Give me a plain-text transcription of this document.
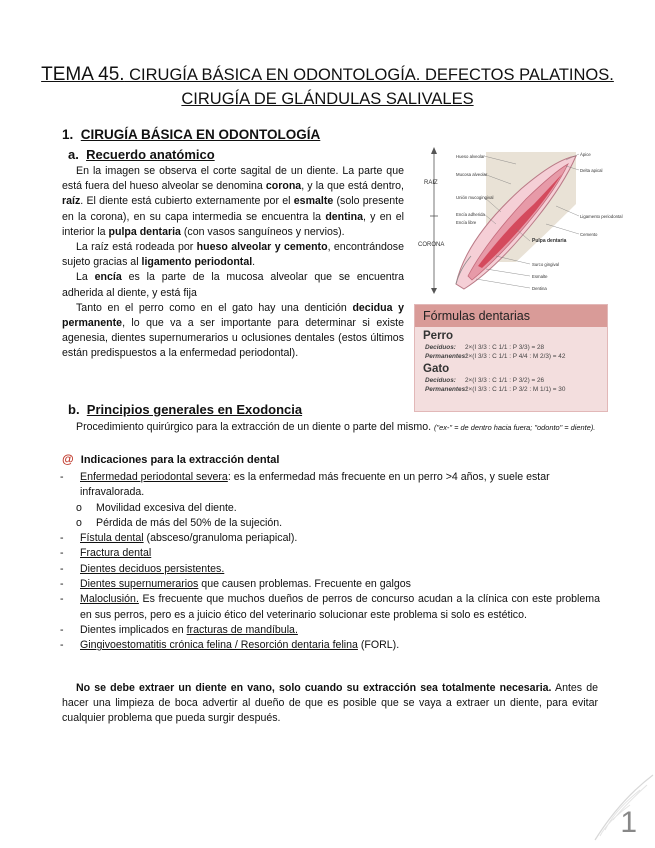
TEMA 45. CIRUGÍA BÁSICA EN ODONTOLOGÍA. DEFECTOS PALATINOS.
CIRUGÍA DE GLÁNDULAS SALIVALES
1. CIRUGÍA BÁSICA EN ODONTOLOGÍA
a. Recuerdo anatómico

En la imagen se observa el corte sagital de un diente. La parte que está fuera del hueso alveolar se denomina corona, y la que está dentro, raíz. El diente está cubierto externamente por el esmalte (solo presente en la corona), en su capa intermedia se encuentra la dentina, y en el interior la pulpa dentaria (con vasos sanguíneos y nervios).

La raíz está rodeada por hueso alveolar y cemento, encontrándose sujeto gracias al ligamento periodontal.

La encía es la parte de la mucosa alveolar que se encuentra adherida al diente, y está fija

Tanto en el perro como en el gato hay una dentición decidua y permanente, lo que va a ser importante para determinar si existe agenesia, dientes supernumerarios u oclusiones dentales (estos últimos están predispuestos a la enfermedad periodontal).

RAIZ
CORONA
Hueso alveolar
Mucosa alveolar
Unión mucogingival
Encía adherida
Encía libre
Ápice
Delta apical
Ligamento periodontal
Cemento
Pulpa dentaria
Surco gingival
Esmalte
Dentina
Fórmulas dentarias
Perro
Deciduos: 2×(I 3/3 : C 1/1 : P 3/3) = 28
Permanentes:2×(I 3/3 : C 1/1 : P 4/4 : M 2/3) = 42
Gato
Deciduos: 2×(I 3/3 : C 1/1 : P 3/2) = 26
Permanentes:2×(I 3/3 : C 1/1 : P 3/2 : M 1/1) = 30
b. Principios generales en Exodoncia

Procedimiento quirúrgico para la extracción de un diente o parte del mismo. ("ex-" = de dentro hacia fuera; "odonto" = diente).

@ Indicaciones para la extracción dental
- Enfermedad periodontal severa: es la enfermedad más frecuente en un perro >4 años, y suele estar infravalorada.
o Movilidad excesiva del diente.
o Pérdida de más del 50% de la sujeción.
- Fístula dental (absceso/granuloma periapical).
- Fractura dental
- Dientes deciduos persistentes.
- Dientes supernumerarios que causen problemas. Frecuente en galgos
- Maloclusión. Es frecuente que muchos dueños de perros de concurso acudan a la clínica con este problema en sus perros, pero es a juicio ético del veterinario solucionar este problema si solo es estético.
- Dientes implicados en fracturas de mandíbula.
- Gingivoestomatitis crónica felina / Resorción dentaria felina (FORL).

No se debe extraer un diente en vano, solo cuando su extracción sea totalmente necesaria. Antes de hacer una limpieza de boca advertir al dueño de que es posible que se vaya a extraer un diente, para evitar cualquier problema que pueda surgir después.

1
